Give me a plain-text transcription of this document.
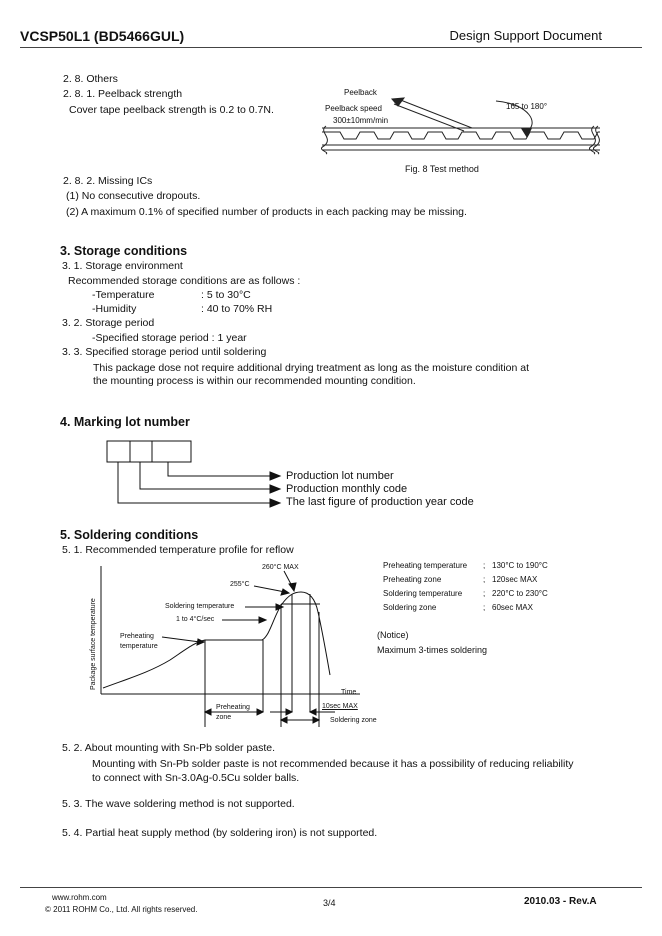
VCSP50L1 (BD5466GUL)	Design Support Document
2. 8. Others
2. 8. 1. Peelback strength
Cover tape peelback strength is 0.2 to 0.7N.
Peelback
Peelback speed
300±10mm/min
165 to 180°
Fig. 8 Test method
2. 8. 2. Missing ICs
(1) No consecutive dropouts.
(2) A maximum 0.1% of specified number of products in each packing may be missing.
3. Storage conditions
3. 1. Storage environment
Recommended storage conditions are as follows :
-Temperature	: 5 to 30°C
-Humidity	: 40 to 70% RH
3. 2. Storage period
-Specified storage period : 1 year
3. 3. Specified storage period until soldering
This package dose not require additional drying treatment as long as the moisture condition at
the mounting process is within our recommended mounting condition.
4. Marking lot number
Production lot number
Production monthly code
The last figure of production year code
5. Soldering conditions
5. 1. Recommended temperature profile for reflow
Package surface temperature
Time
260°C MAX
255°C
Soldering temperature
1 to 4°C/sec
Preheating
temperature
Preheating
zone
10sec MAX
Soldering zone
Preheating temperature ; 130°C to 190°C
Preheating zone	; 120sec MAX
Soldering temperature	; 220°C to 230°C
Soldering zone	; 60sec MAX
(Notice)
Maximum 3-times soldering
5. 2. About mounting with Sn-Pb solder paste.
Mounting with Sn-Pb solder paste is not recommended because it has a possibility of reducing reliability
to connect with Sn-3.0Ag-0.5Cu solder balls.
5. 3. The wave soldering method is not supported.
5. 4. Partial heat supply method (by soldering iron) is not supported.
www.rohm.com
© 2011 ROHM Co., Ltd. All rights reserved.
3/4	2010.03 - Rev.A
